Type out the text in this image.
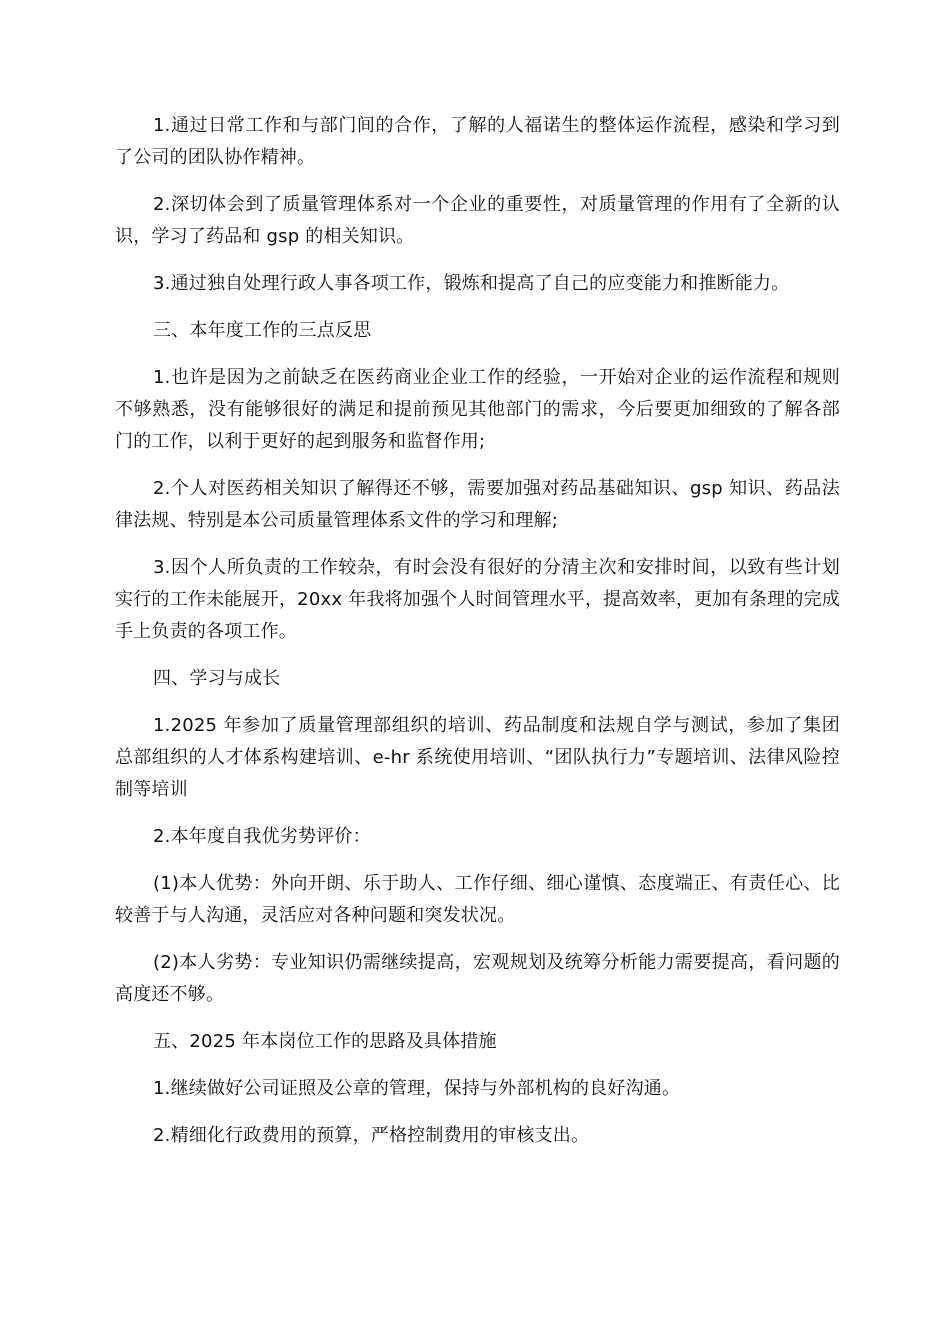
1.通过日常工作和与部门间的合作，了解的人福诺生的整体运作流程，感染和学习到了公司的团队协作精神。

2.深切体会到了质量管理体系对一个企业的重要性，对质量管理的作用有了全新的认识，学习了药品和 gsp 的相关知识。

3.通过独自处理行政人事各项工作，锻炼和提高了自己的应变能力和推断能力。

三、本年度工作的三点反思

1.也许是因为之前缺乏在医药商业企业工作的经验，一开始对企业的运作流程和规则不够熟悉，没有能够很好的满足和提前预见其他部门的需求，今后要更加细致的了解各部门的工作，以利于更好的起到服务和监督作用;

2.个人对医药相关知识了解得还不够，需要加强对药品基础知识、gsp 知识、药品法律法规、特别是本公司质量管理体系文件的学习和理解;

3.因个人所负责的工作较杂，有时会没有很好的分清主次和安排时间，以致有些计划实行的工作未能展开，20xx 年我将加强个人时间管理水平，提高效率，更加有条理的完成手上负责的各项工作。

四、学习与成长

1.2025 年参加了质量管理部组织的培训、药品制度和法规自学与测试，参加了集团总部组织的人才体系构建培训、e-hr 系统使用培训、“团队执行力”专题培训、法律风险控制等培训

2.本年度自我优劣势评价：

(1)本人优势：外向开朗、乐于助人、工作仔细、细心谨慎、态度端正、有责任心、比较善于与人沟通，灵活应对各种问题和突发状况。

(2)本人劣势：专业知识仍需继续提高，宏观规划及统筹分析能力需要提高，看问题的高度还不够。

五、2025 年本岗位工作的思路及具体措施

1.继续做好公司证照及公章的管理，保持与外部机构的良好沟通。

2.精细化行政费用的预算，严格控制费用的审核支出。
